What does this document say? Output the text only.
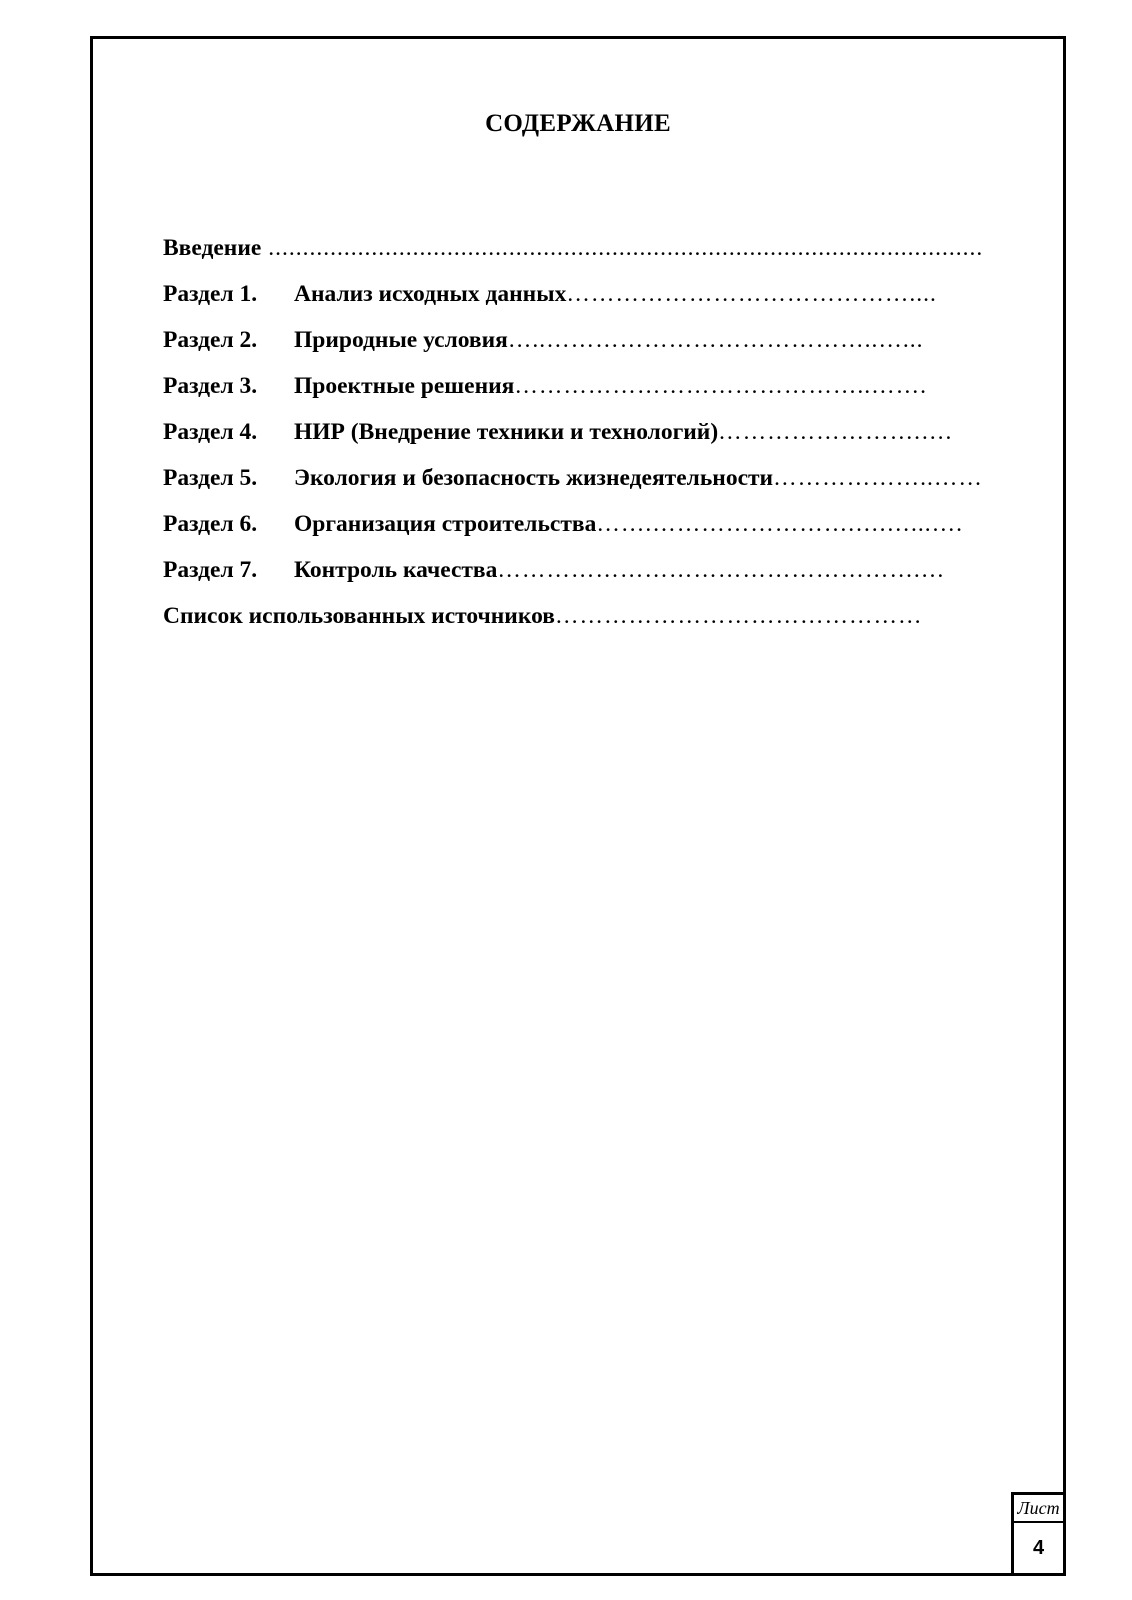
СОДЕРЖАНИЕ
Введение ........................................................................................................
Раздел 1. Анализ исходных данных……………………………………....
Раздел 2. Природные условия…..…………………………………..…...
Раздел 3. Проектные решения……………………………………..…….
Раздел 4. НИР (Внедрение техники и технологий)…………………….….
Раздел 5. Экология и безопасность жизнедеятельности………………..……
Раздел 6. Организация строительства…….…………………….….…...….
Раздел 7. Контроль качества…………………………………………….…
Список использованных источников………………………………………
Лист
4
